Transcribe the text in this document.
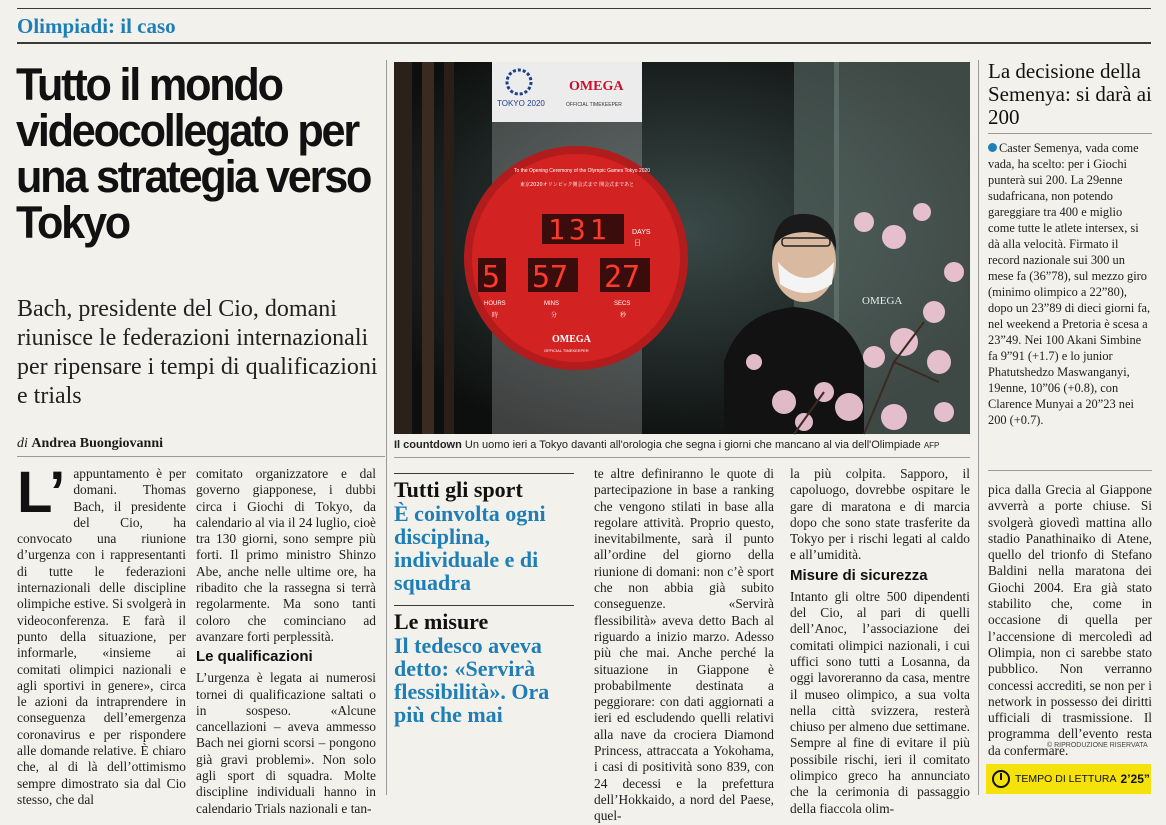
Olimpiadi: il caso
Tutto il mondo videocollegato per una strategia verso Tokyo
Bach, presidente del Cio, domani riunisce le federazioni internazionali per ripensare i tempi di qualificazioni e trials
di Andrea Buongiovanni
TOKYO 2020
OMEGA
OFFICIAL TIMEKEEPER
To the Opening Ceremony of the Olympic Games Tokyo 2020
東京2020オリンピック開会式まで 開会式まであと
131	DAYS
日
5 57 27
HOURS	MINS	SECS
時	分	秒
OMEGA
OFFICIAL TIMEKEEPER
OMEGA
Il countdown Un uomo ieri a Tokyo davanti all'orologia che segna i giorni che mancano al via dell'Olimpiade AFP
L’ appuntamento è per domani. Thomas Bach, il presidente del Cio, ha convocato una riunione d’urgenza con i rappresentanti di tutte le federazioni internazionali delle discipline olimpiche estive. Si svolgerà in videoconferenza. E farà il punto della situazione, per informarle, «insieme ai comitati olimpici nazionali e agli sportivi in genere», circa le azioni da intraprendere in conseguenza dell’emergenza coronavirus e per rispondere alle domande relative. È chiaro che, al di là dell’ottimismo sempre dimostrato sia dal Cio stesso, che dal

comitato organizzatore e dal governo giapponese, i dubbi circa i Giochi di Tokyo, da calendario al via il 24 luglio, cioè tra 130 giorni, sono sempre più forti. Il primo ministro Shinzo Abe, anche nelle ultime ore, ha ribadito che la rassegna si terrà regolarmente. Ma sono tanti coloro che cominciano ad avanzare forti perplessità.

Le qualificazioni

L’urgenza è legata ai numerosi tornei di qualificazione saltati o in sospeso. «Alcune cancellazioni – aveva ammesso Bach nei giorni scorsi – pongono già gravi problemi». Non solo agli sport di squadra. Molte discipline individuali hanno in calendario Trials nazionali e tan-

Tutti gli sport
È coinvolta ogni disciplina, individuale e di squadra
Le misure
Il tedesco aveva detto: «Servirà flessibilità». Ora più che mai

te altre definiranno le quote di partecipazione in base a ranking che vengono stilati in base alla regolare attività. Proprio questo, inevitabilmente, sarà il punto all’ordine del giorno della riunione di domani: non c’è sport che non abbia già subito conseguenze. «Servirà flessibilità» aveva detto Bach al riguardo a inizio marzo. Adesso più che mai. Anche perché la situazione in Giappone è probabilmente destinata a peggiorare: con dati aggiornati a ieri ed escludendo quelli relativi alla nave da crociera Diamond Princess, attraccata a Yokohama, i casi di positività sono 839, con 24 decessi e la prefettura dell’Hokkaido, a nord del Paese, quel-

la più colpita. Sapporo, il capoluogo, dovrebbe ospitare le gare di maratona e di marcia dopo che sono state trasferite da Tokyo per i rischi legati al caldo e all’umidità.

Misure di sicurezza

Intanto gli oltre 500 dipendenti del Cio, al pari di quelli dell’Anoc, l’associazione dei comitati olimpici nazionali, i cui uffici sono tutti a Losanna, da oggi lavoreranno da casa, mentre il museo olimpico, a sua volta nella città svizzera, resterà chiuso per almeno due settimane. Sempre al fine di evitare il più possibile rischi, ieri il comitato olimpico greco ha annunciato che la cerimonia di passaggio della fiaccola olim-

pica dalla Grecia al Giappone avverrà a porte chiuse. Si svolgerà giovedì mattina allo stadio Panathinaiko di Atene, quello del trionfo di Stefano Baldini nella maratona dei Giochi 2004. Era già stato stabilito che, come in occasione di quella per l’accensione di mercoledì ad Olimpia, non ci sarebbe stato pubblico. Non verranno concessi accrediti, se non per i network in possesso dei diritti ufficiali di trasmissione. Il programma dell’evento resta da confermare.

La decisione della Semenya: si darà ai 200
Caster Semenya, vada come vada, ha scelto: per i Giochi punterà sui 200. La 29enne sudafricana, non potendo gareggiare tra 400 e miglio come tutte le atlete intersex, si dà alla velocità. Firmato il record nazionale sui 300 un mese fa (36”78), sul mezzo giro (minimo olimpico a 22”80), dopo un 23”89 di dieci giorni fa, nel weekend a Pretoria è scesa a 23”49. Nei 100 Akani Simbine fa 9”91 (+1.7) e lo junior Phatutshedzo Maswanganyi, 19enne, 10”06 (+0.8), con Clarence Munyai a 20”23 nei 200 (+0.7).
© RIPRODUZIONE RISERVATA
TEMPO DI LETTURA 2’25”
